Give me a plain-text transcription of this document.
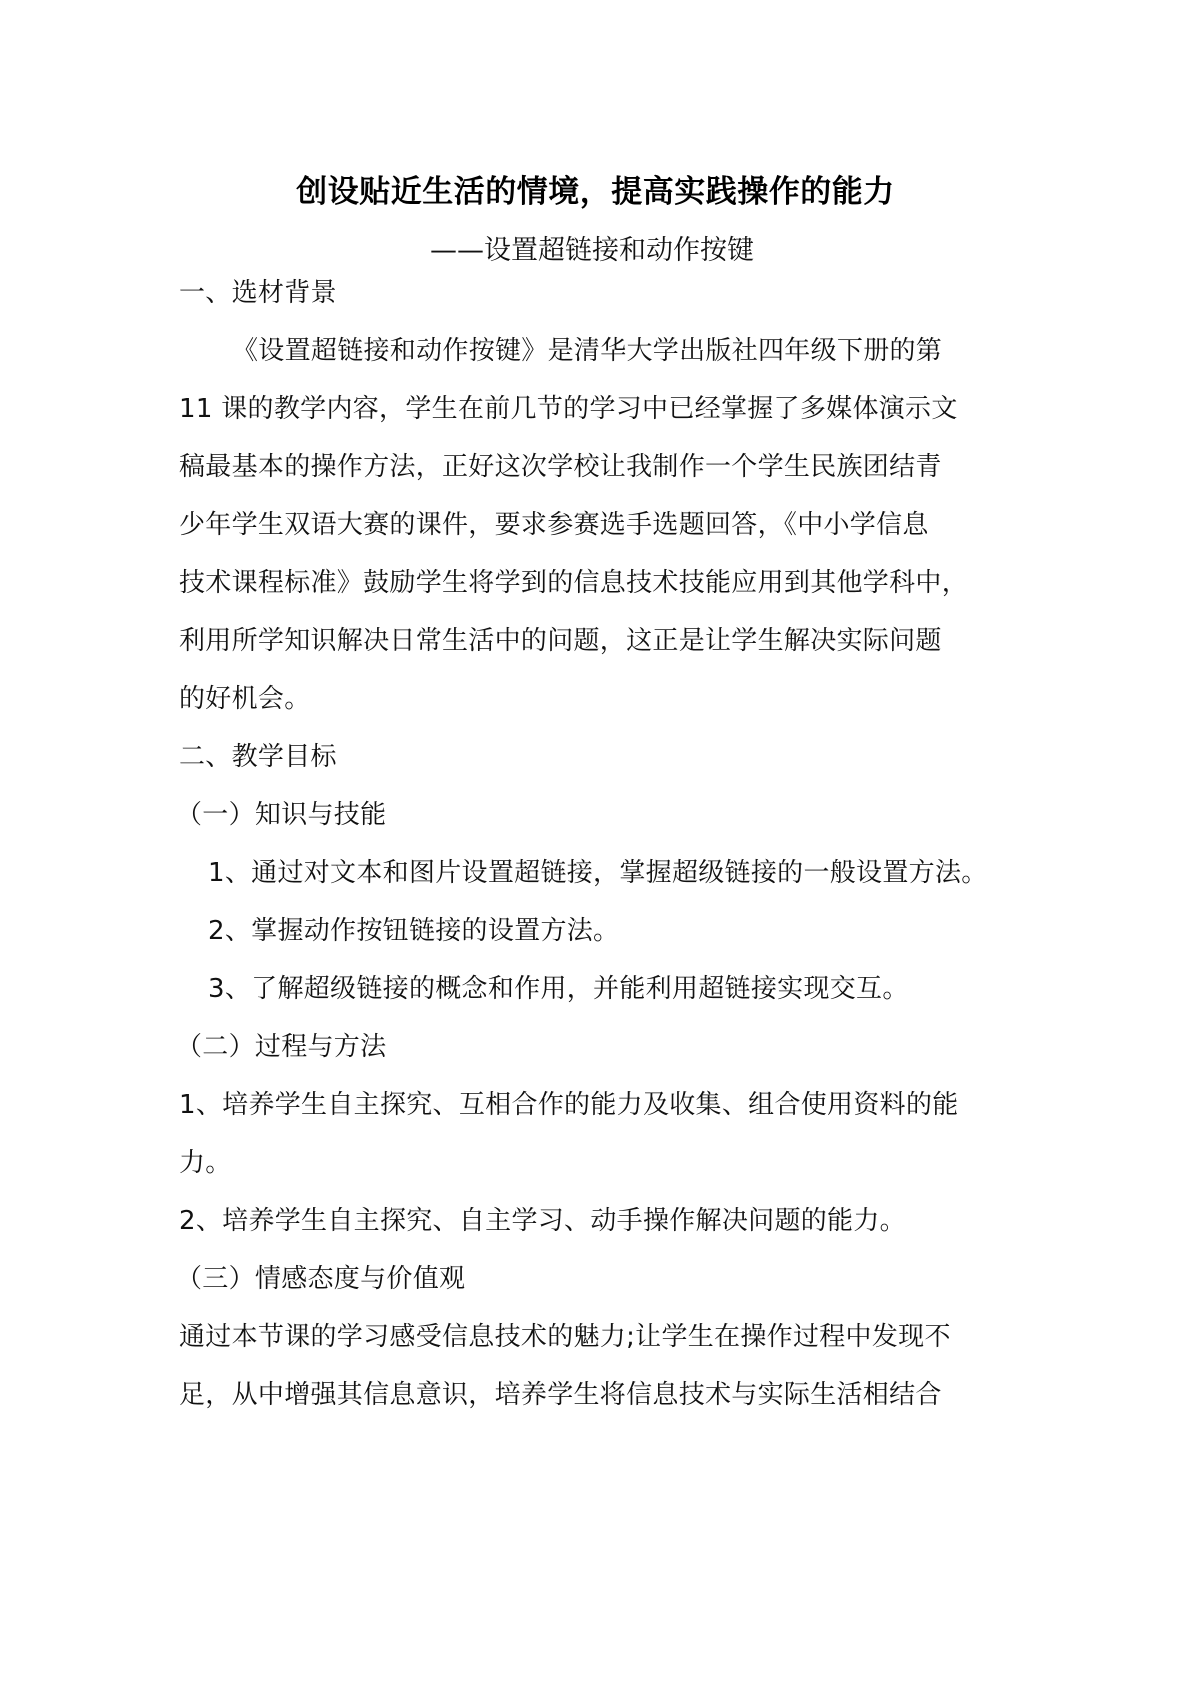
创设贴近生活的情境，提高实践操作的能力
——设置超链接和动作按键
一、选材背景
《设置超链接和动作按键》是清华大学出版社四年级下册的第
11 课的教学内容，学生在前几节的学习中已经掌握了多媒体演示文
稿最基本的操作方法，正好这次学校让我制作一个学生民族团结青
少年学生双语大赛的课件，要求参赛选手选题回答，《中小学信息
技术课程标准》鼓励学生将学到的信息技术技能应用到其他学科中，
利用所学知识解决日常生活中的问题，这正是让学生解决实际问题
的好机会。
二、教学目标
（一）知识与技能
1、通过对文本和图片设置超链接，掌握超级链接的一般设置方法。
2、掌握动作按钮链接的设置方法。
3、了解超级链接的概念和作用，并能利用超链接实现交互。
（二）过程与方法
1、培养学生自主探究、互相合作的能力及收集、组合使用资料的能
力。
2、培养学生自主探究、自主学习、动手操作解决问题的能力。
（三）情感态度与价值观
通过本节课的学习感受信息技术的魅力;让学生在操作过程中发现不
足，从中增强其信息意识，培养学生将信息技术与实际生活相结合
